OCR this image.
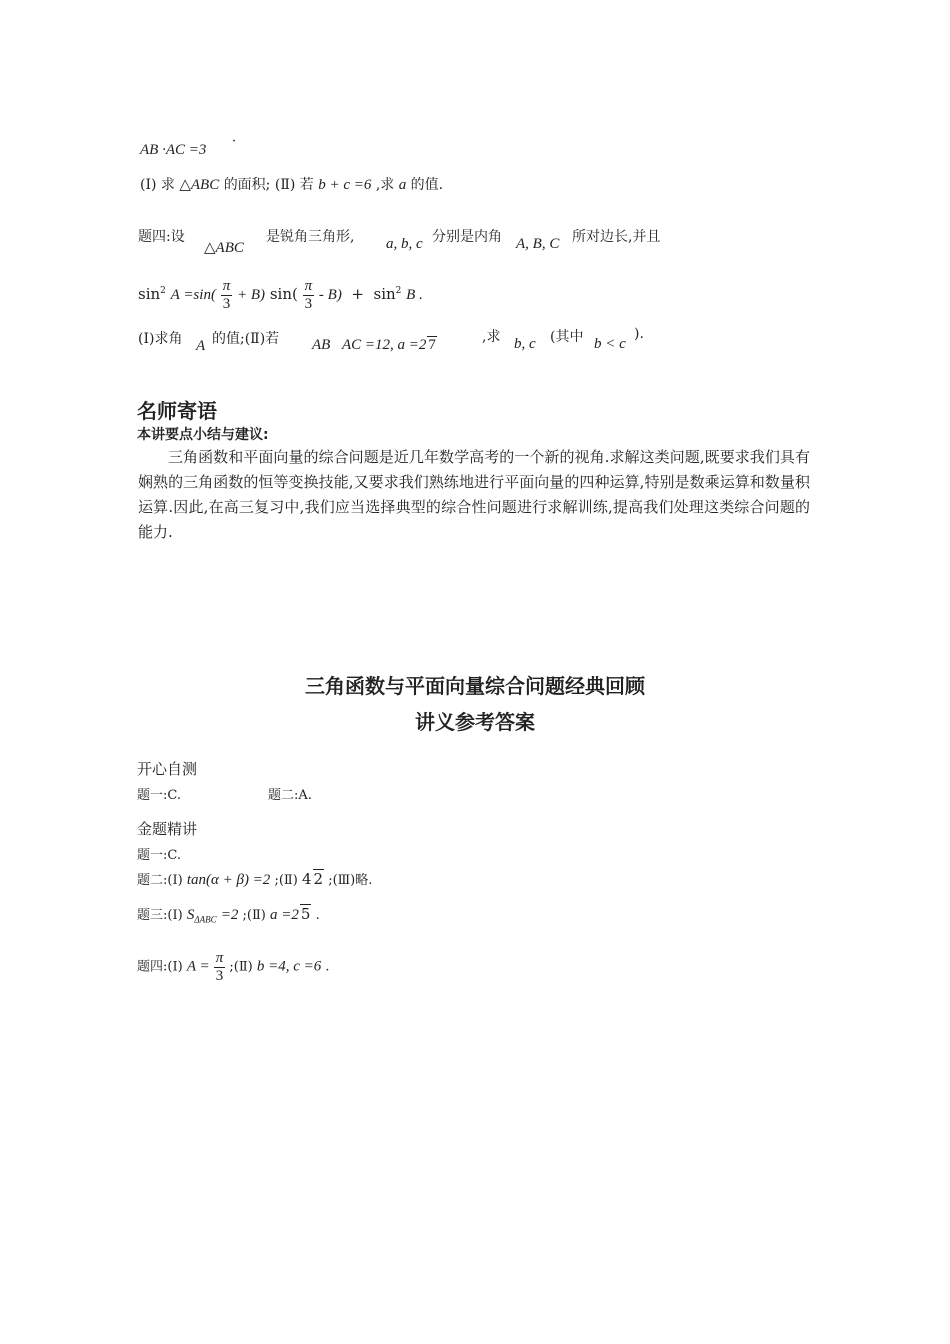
AB ·AC =3
·
(Ⅰ) 求 △ABC 的面积; (Ⅱ) 若 b + c =6 ,求 a 的值.
题四:设
△ABC
是锐角三角形, a, b, c 分别是内角 A, B, C 所对边长,并且
$\sin^2 A =\sin( \frac{\pi}{3} + B)$ $\sin( \frac{\pi}{3} - B) + \sin^2 B$ .
(Ⅰ)求角 A 的值;(Ⅱ)若 AB⃞AC =12, a =2 7	,求 b, c (其中 b < c
).
名师寄语
本讲要点小结与建议:
三角函数和平面向量的综合问题是近几年数学高考的一个新的视角.求解这类问题,既要求我们具有娴熟的三角函数的恒等变换技能,又要求我们熟练地进行平面向量的四种运算,特别是数乘运算和数量积运算.因此,在高三复习中,我们应当选择典型的综合性问题进行求解训练,提高我们处理这类综合问题的能力.
三角函数与平面向量综合问题经典回顾
讲义参考答案
开心自测
题一:C.	题二:A.
金题精讲
题一:C.
题二:(Ⅰ) tan(α + β) =2 ;(Ⅱ) 4 2 ;(Ⅲ)略.
题三:(Ⅰ) $S_{\Delta ABC} =2$ ;(Ⅱ) a =2 5 .
题四:(Ⅰ) $A = \frac{\pi}{3}$ ;(Ⅱ) b =4, c =6 .
